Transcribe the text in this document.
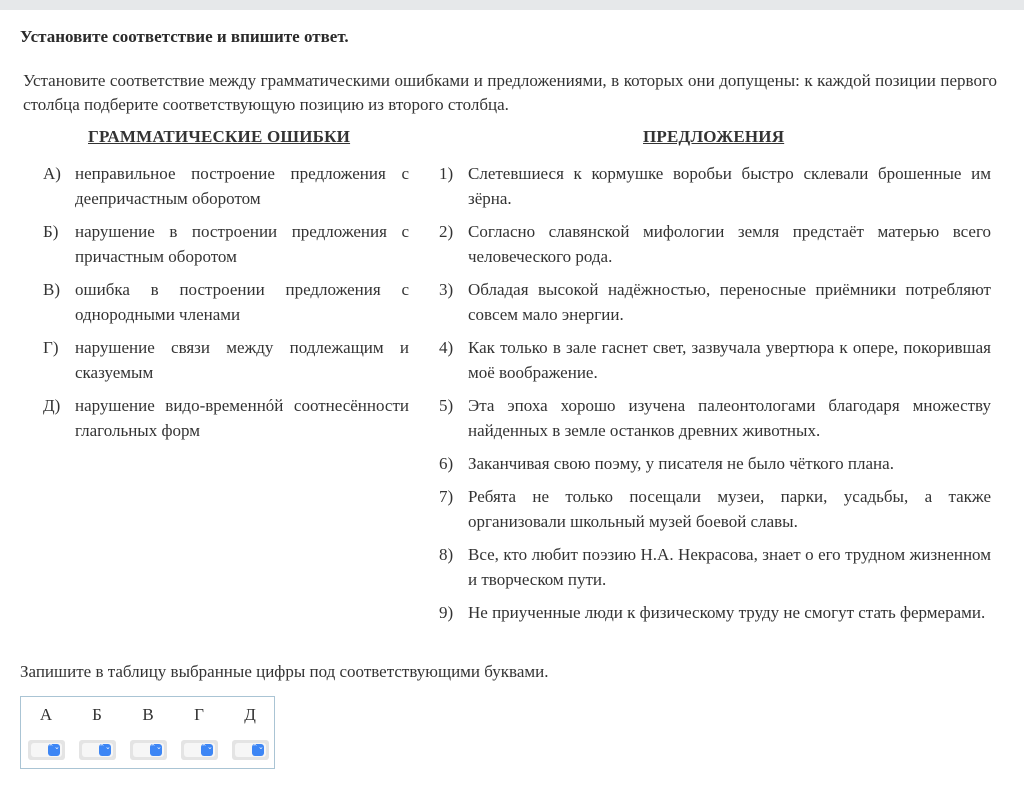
Установите соответствие и впишите ответ.
Установите соответствие между грамматическими ошибками и предложениями, в которых они допущены: к каждой позиции первого столбца подберите соответствующую позицию из второго столбца.
ГРАММАТИЧЕСКИЕ ОШИБКИ	ПРЕДЛОЖЕНИЯ
А) неправильное построение предложения с деепричастным оборотом
Б) нарушение в построении предложения с причастным оборотом
В) ошибка в построении предложения с однородными членами
Г) нарушение связи между подлежащим и сказуемым
Д) нарушение видо-временнóй соотнесённости глагольных форм
1) Слетевшиеся к кормушке воробьи быстро склевали брошенные им зёрна.
2) Согласно славянской мифологии земля предстаёт матерью всего человеческого рода.
3) Обладая высокой надёжностью, переносные приёмники потребляют совсем мало энергии.
4) Как только в зале гаснет свет, зазвучала увертюра к опере, покорившая моё воображение.
5) Эта эпоха хорошо изучена палеонтологами благодаря множеству найденных в земле останков древних животных.
6) Заканчивая свою поэму, у писателя не было чёткого плана.
7) Ребята не только посещали музеи, парки, усадьбы, а также организовали школьный музей боевой славы.
8) Все, кто любит поэзию Н.А. Некрасова, знает о его трудном жизненном и творческом пути.
9) Не приученные люди к физическому труду не смогут стать фермерами.
Запишите в таблицу выбранные цифры под соответствующими буквами.
А	Б	В	Г	Д
⌃⌄	⌃⌄	⌃⌄	⌃⌄	⌃⌄
